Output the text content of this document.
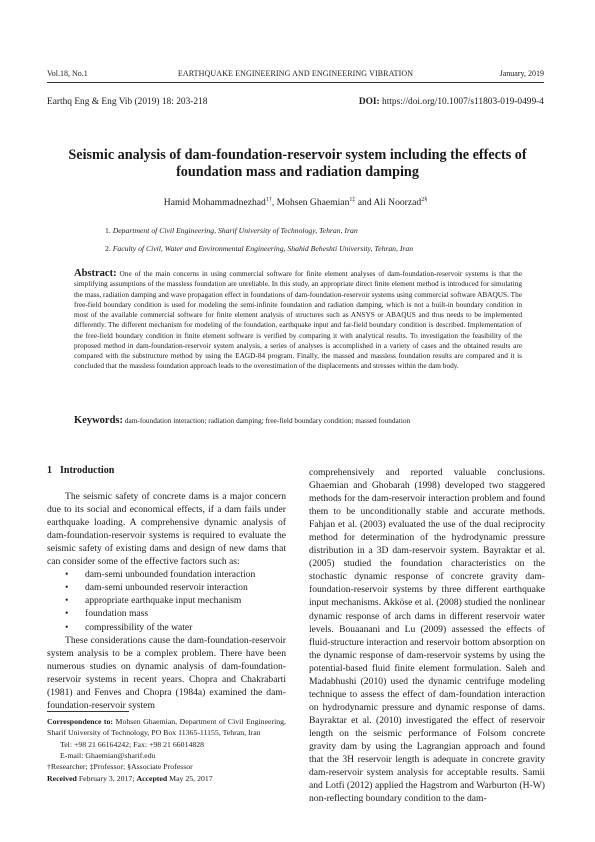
Vol.18, No.1	EARTHQUAKE ENGINEERING AND ENGINEERING VIBRATION	January, 2019
Earthq Eng & Eng Vib (2019) 18: 203-218	DOI: https://doi.org/10.1007/s11803-019-0499-4
Seismic analysis of dam-foundation-reservoir system including the effects of foundation mass and radiation damping
Hamid Mohammadnezhad$^{1\dagger}$, Mohsen Ghaemian$^{1\ddagger}$ and Ali Noorzad$^{2\S}$
1. Department of Civil Engineering, Sharif University of Technology, Tehran, Iran
2. Faculty of Civil, Water and Environmental Engineering, Shahid Beheshti University, Tehran, Iran
Abstract: One of the main concerns in using commercial software for finite element analyses of dam-foundation-reservoir systems is that the simplifying assumptions of the massless foundation are unreliable. In this study, an appropriate direct finite element method is introduced for simulating the mass, radiation damping and wave propagation effect in foundations of dam-foundation-reservoir systems using commercial software ABAQUS. The free-field boundary condition is used for modeling the semi-infinite foundation and radiation damping, which is not a built-in boundary condition in most of the available commercial software for finite element analysis of structures such as ANSYS or ABAQUS and thus needs to be implemented differently. The different mechanism for modeling of the foundation, earthquake input and far-field boundary condition is described. Implementation of the free-field boundary condition in finite element software is verified by comparing it with analytical results. To investigation the feasibility of the proposed method in dam-foundation-reservoir system analysis, a series of analyses is accomplished in a variety of cases and the obtained results are compared with the substructure method by using the EAGD-84 program. Finally, the massed and massless foundation results are compared and it is concluded that the massless foundation approach leads to the overestimation of the displacements and stresses within the dam body.
Keywords: dam-foundation interaction; radiation damping; free-field boundary condition; massed foundation
1 Introduction

The seismic safety of concrete dams is a major concern due to its social and economical effects, if a dam fails under earthquake loading. A comprehensive dynamic analysis of dam-foundation-reservoir systems is required to evaluate the seismic safety of existing dams and design of new dams that can consider some of the effective factors such as:

• dam-semi unbounded foundation interaction
• dam-semi unbounded reservoir interaction
• appropriate earthquake input mechanism
• foundation mass
• compressibility of the water

These considerations cause the dam-foundation-reservoir system analysis to be a complex problem. There have been numerous studies on dynamic analysis of dam-foundation-reservoir systems in recent years. Chopra and Chakrabarti (1981) and Fenves and Chopra (1984a) examined the dam-foundation-reservoir system

comprehensively and reported valuable conclusions. Ghaemian and Ghobarah (1998) developed two staggered methods for the dam-reservoir interaction problem and found them to be unconditionally stable and accurate methods. Fahjan et al. (2003) evaluated the use of the dual reciprocity method for determination of the hydrodynamic pressure distribution in a 3D dam-reservoir system. Bayraktar et al. (2005) studied the foundation characteristics on the stochastic dynamic response of concrete gravity dam-foundation-reservoir systems by three different earthquake input mechanisms. Akköse et al. (2008) studied the nonlinear dynamic response of arch dams in different reservoir water levels. Bouaanani and Lu (2009) assessed the effects of fluid-structure interaction and reservoir bottom absorption on the dynamic response of dam-reservoir systems by using the potential-based fluid finite element formulation. Saleh and Madabhushi (2010) used the dynamic centrifuge modeling technique to assess the effect of dam-foundation interaction on hydrodynamic pressure and dynamic response of dams. Bayraktar et al. (2010) investigated the effect of reservoir length on the seismic performance of Folsom concrete gravity dam by using the Lagrangian approach and found that the 3H reservoir length is adequate in concrete gravity dam-reservoir system analysis for acceptable results. Samii and Lotfi (2012) applied the Hagstrom and Warburton (H-W) non-reflecting boundary condition to the dam-

Correspondence to: Mohsen Ghaemian, Department of Civil Engineering, Sharif University of Technology, PO Box 11365-11155, Tehran, Iran
Tel: +98 21 66164242; Fax: +98 21 66014828
E-mail: Ghaemian@sharif.edu
†Researcher; ‡Professor; §Associate Professor
Received February 3, 2017; Accepted May 25, 2017
